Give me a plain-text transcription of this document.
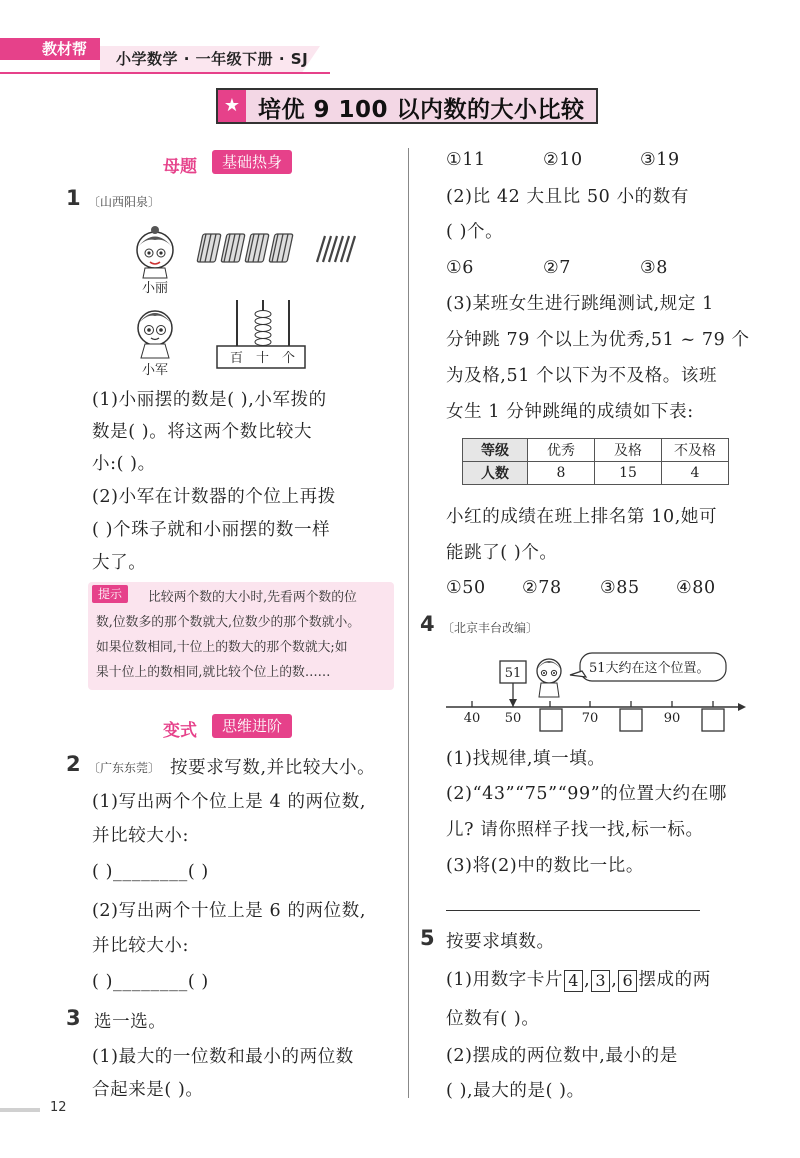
教材帮
小学数学 · 一年级下册 · SJ
★ 培优 9 100 以内数的大小比较
母题	基础热身
1 〔山西阳泉〕
小丽
小军
百 十 个
(1)小丽摆的数是( ),小军拨的
数是( )。将这两个数比较大
小:( )。
(2)小军在计数器的个位上再拨
( )个珠子就和小丽摆的数一样
大了。
提示	比较两个数的大小时,先看两个数的位
数,位数多的那个数就大,位数少的那个数就小。
如果位数相同,十位上的数大的那个数就大;如
果十位上的数相同,就比较个位上的数……
变式	思维进阶
2 〔广东东莞〕 按要求写数,并比较大小。
(1)写出两个个位上是 4 的两位数,
并比较大小:
( )________( )
(2)写出两个十位上是 6 的两位数,
并比较大小:
( )________( )
3 选一选。
(1)最大的一位数和最小的两位数
合起来是( )。
①11	②10	③19
(2)比 42 大且比 50 小的数有
( )个。
①6	②7	③8
(3)某班女生进行跳绳测试,规定 1
分钟跳 79 个以上为优秀,51 ~ 79 个
为及格,51 个以下为不及格。该班
女生 1 分钟跳绳的成绩如下表:
等级	优秀	及格	不及格
人数	8	15	4
小红的成绩在班上排名第 10,她可
能跳了( )个。
①50 ②78 ③85 ④80
4 〔北京丰台改编〕
51	51大约在这个位置。
40 50	70	90
(1)找规律,填一填。
(2)“43”“75”“99”的位置大约在哪
儿? 请你照样子找一找,标一标。
(3)将(2)中的数比一比。
5 按要求填数。
(1)用数字卡片 4 , 3 , 6 摆成的两
位数有( )。
(2)摆成的两位数中,最小的是
( ),最大的是( )。
12
